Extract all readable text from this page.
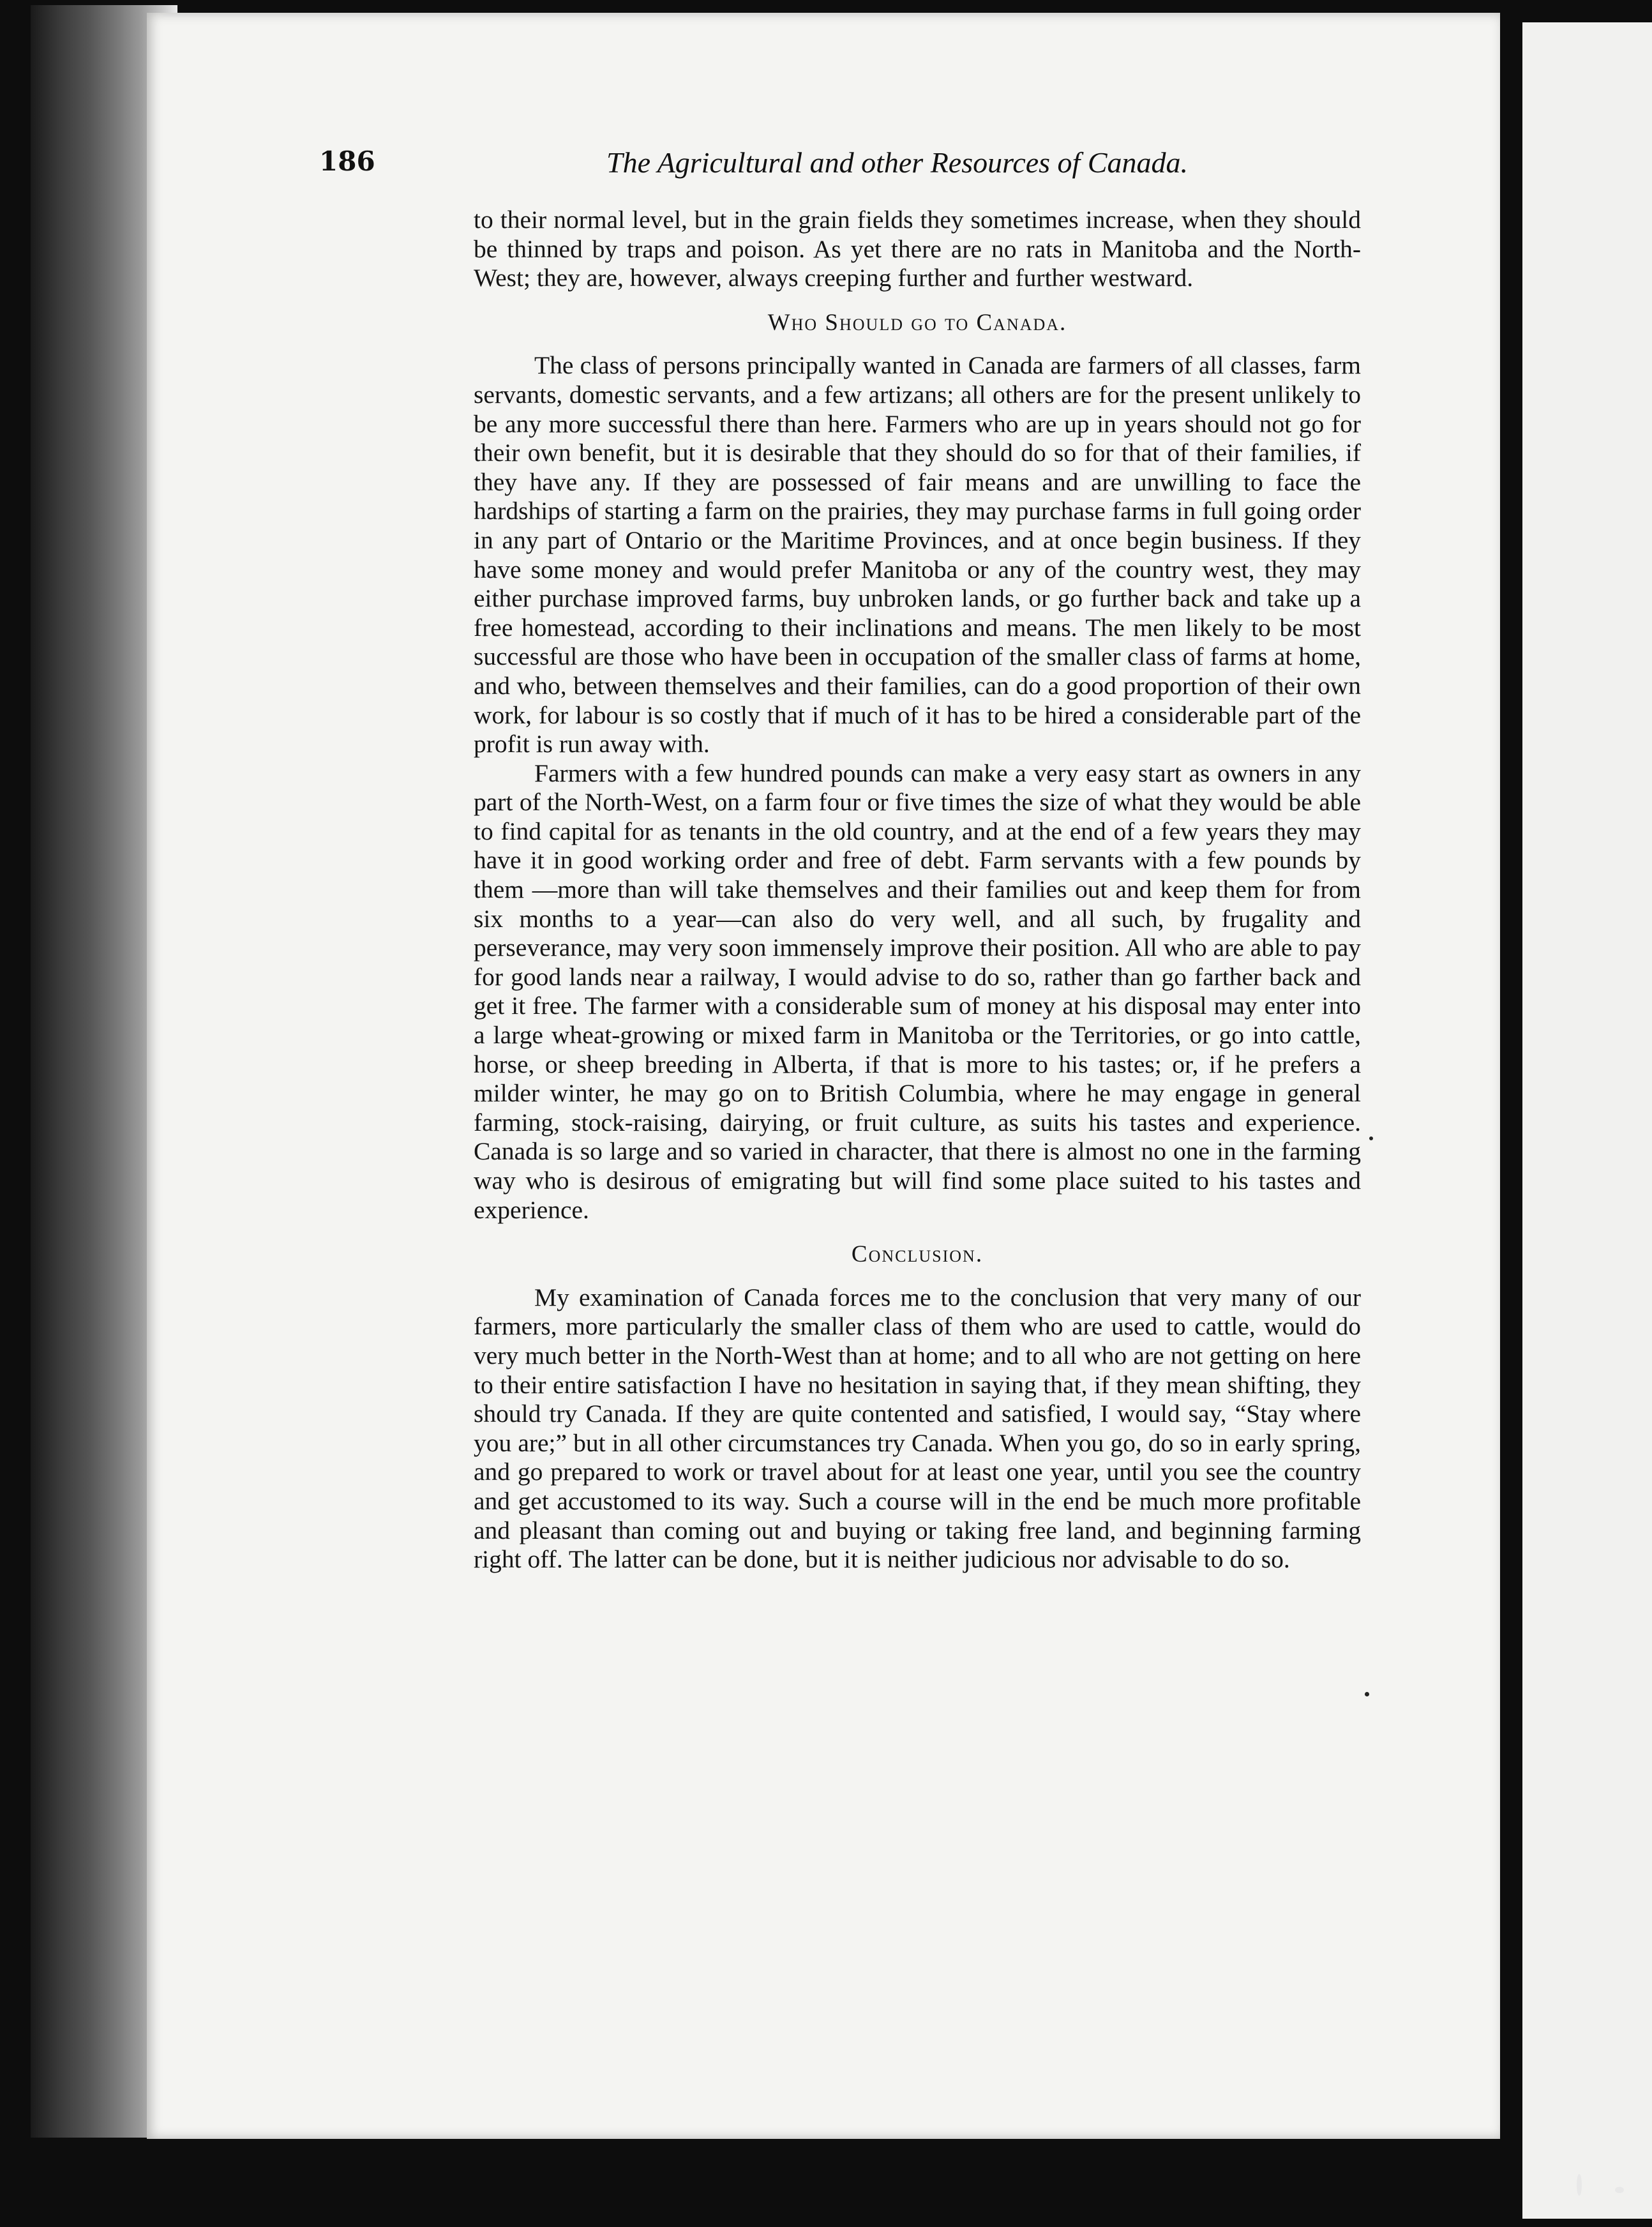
186	The Agricultural and other Resources of Canada.

to their normal level, but in the grain fields they sometimes increase, when they should be thinned by traps and poison. As yet there are no rats in Manitoba and the North-West; they are, however, always creeping further and further westward.

Who Should go to Canada.

The class of persons principally wanted in Canada are farmers of all classes, farm servants, domestic servants, and a few artizans; all others are for the present unlikely to be any more successful there than here. Farmers who are up in years should not go for their own benefit, but it is desirable that they should do so for that of their families, if they have any. If they are possessed of fair means and are unwilling to face the hardships of starting a farm on the prairies, they may purchase farms in full going order in any part of Ontario or the Maritime Provinces, and at once begin business. If they have some money and would prefer Manitoba or any of the country west, they may either purchase improved farms, buy unbroken lands, or go further back and take up a free homestead, according to their inclinations and means. The men likely to be most successful are those who have been in occupation of the smaller class of farms at home, and who, between themselves and their families, can do a good proportion of their own work, for labour is so costly that if much of it has to be hired a considerable part of the profit is run away with.

Farmers with a few hundred pounds can make a very easy start as owners in any part of the North-West, on a farm four or five times the size of what they would be able to find capital for as tenants in the old country, and at the end of a few years they may have it in good working order and free of debt. Farm servants with a few pounds by them —more than will take themselves and their families out and keep them for from six months to a year—can also do very well, and all such, by frugality and perseverance, may very soon immensely improve their position. All who are able to pay for good lands near a railway, I would advise to do so, rather than go farther back and get it free. The farmer with a considerable sum of money at his disposal may enter into a large wheat-growing or mixed farm in Manitoba or the Territories, or go into cattle, horse, or sheep breeding in Alberta, if that is more to his tastes; or, if he prefers a milder winter, he may go on to British Columbia, where he may engage in general farming, stock-raising, dairying, or fruit culture, as suits his tastes and experience. Canada is so large and so varied in character, that there is almost no one in the farming way who is desirous of emigrating but will find some place suited to his tastes and experience.

Conclusion.

My examination of Canada forces me to the conclusion that very many of our farmers, more particularly the smaller class of them who are used to cattle, would do very much better in the North-West than at home; and to all who are not getting on here to their entire satisfaction I have no hesitation in saying that, if they mean shifting, they should try Canada. If they are quite contented and satisfied, I would say, “Stay where you are;” but in all other circumstances try Canada. When you go, do so in early spring, and go prepared to work or travel about for at least one year, until you see the country and get accustomed to its way. Such a course will in the end be much more profitable and pleasant than coming out and buying or taking free land, and beginning farming right off. The latter can be done, but it is neither judicious nor advisable to do so.
